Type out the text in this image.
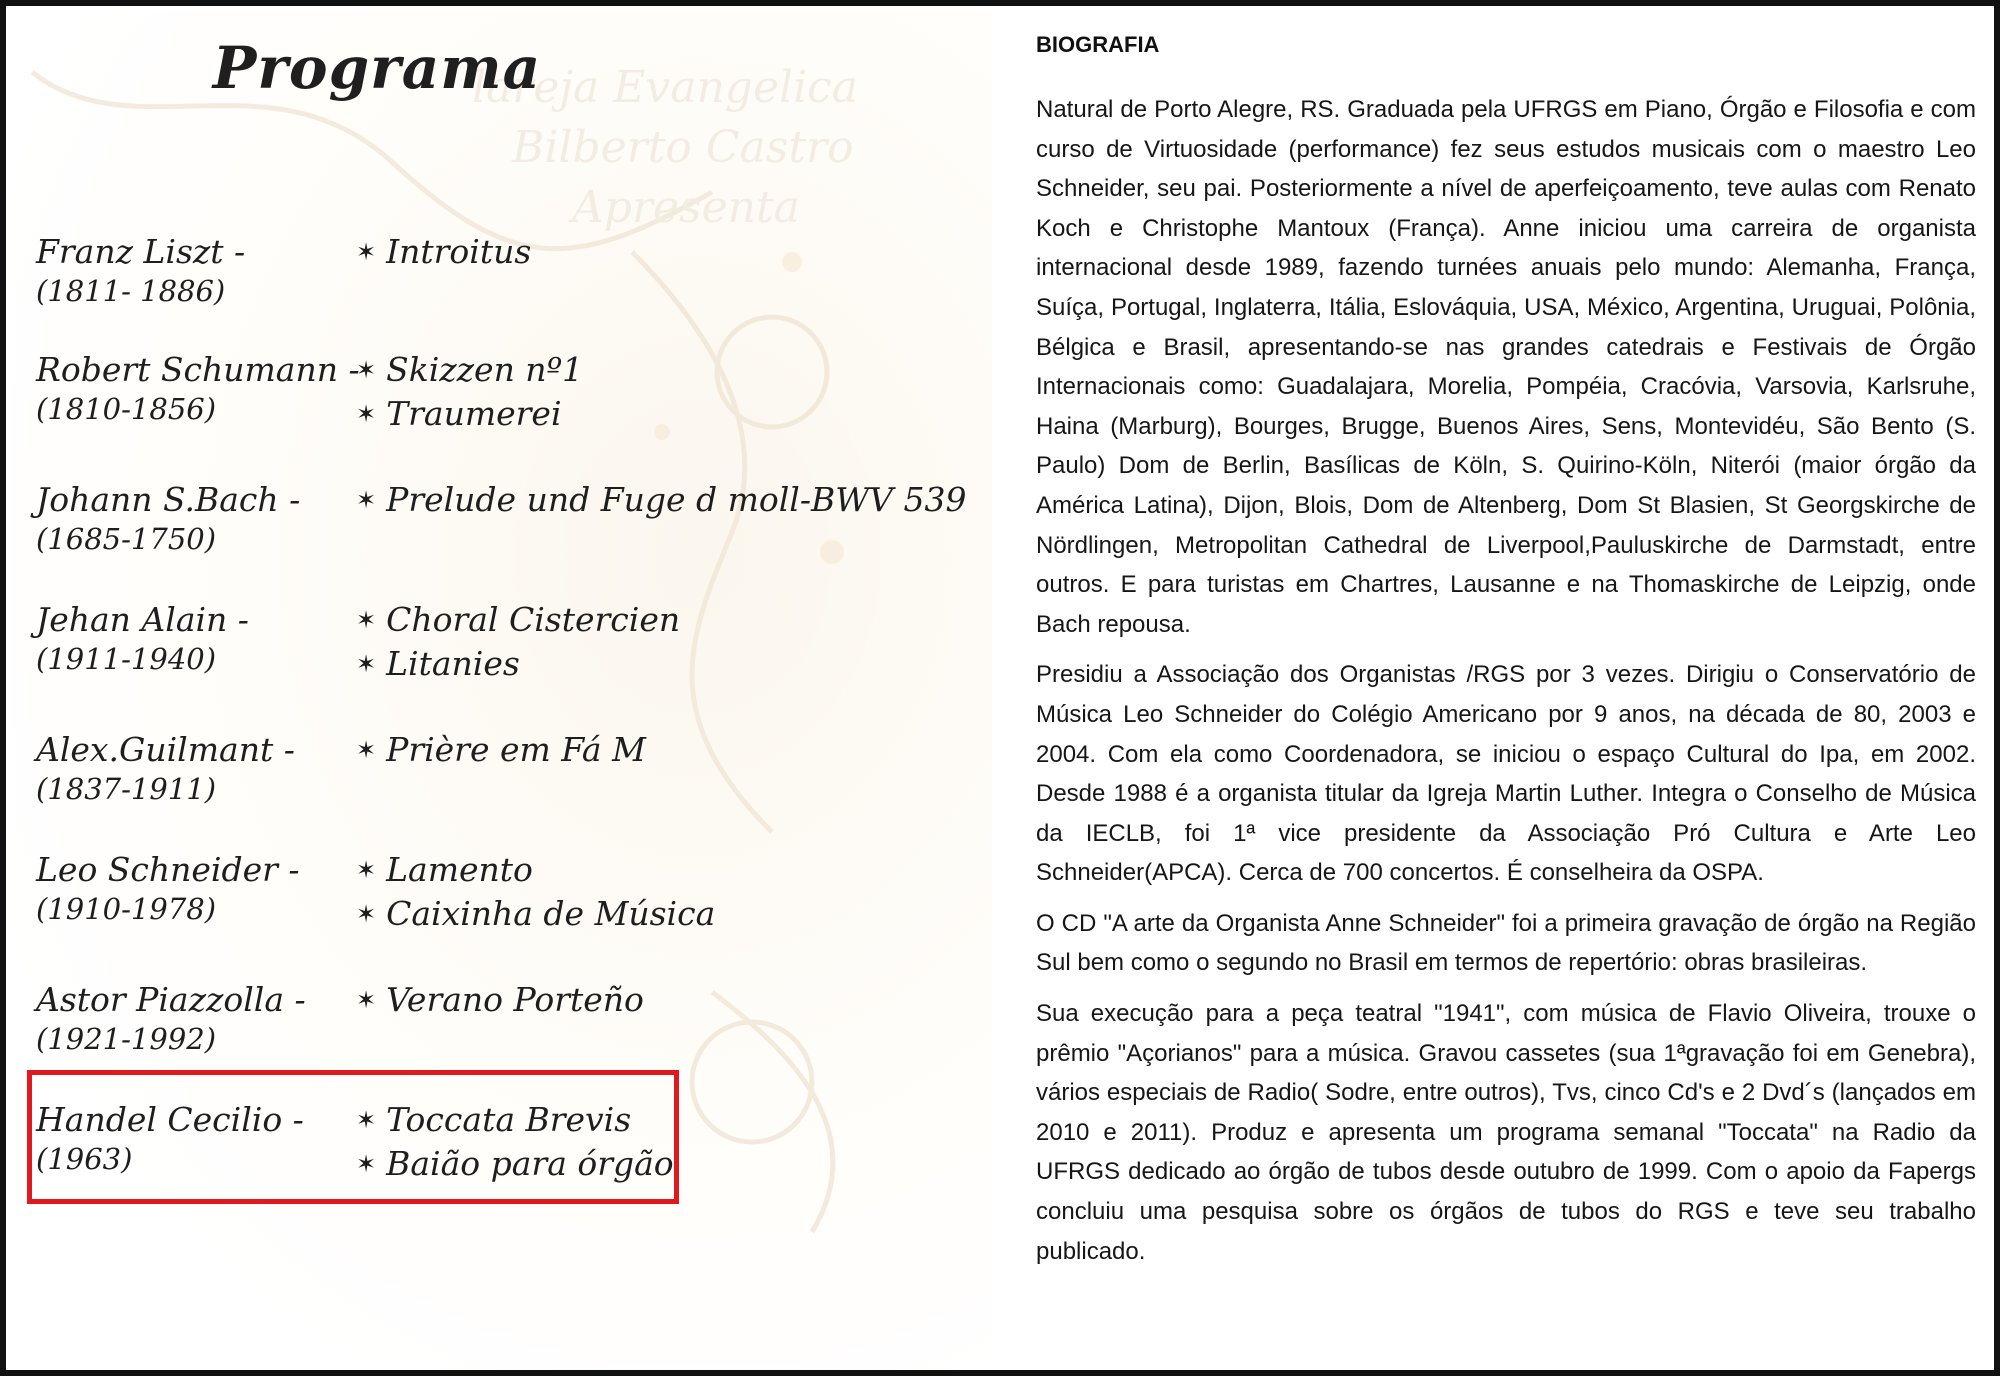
lareja Evangelica
Bilberto Castro
Apresenta
Programa
Franz Liszt -
(1811- 1886)
✶ Introitus
Robert Schumann -
(1810-1856)
✶ Skizzen nº1
✶ Traumerei
Johann S.Bach -
(1685-1750)
✶ Prelude und Fuge d moll-BWV 539
Jehan Alain -
(1911-1940)
✶ Choral Cistercien
✶ Litanies
Alex.Guilmant -
(1837-1911)
✶ Prière em Fá M
Leo Schneider -
(1910-1978)
✶ Lamento
✶ Caixinha de Música
Astor Piazzolla -
(1921-1992)
✶ Verano Porteño
Handel Cecilio -
(1963)
✶ Toccata Brevis
✶ Baião para órgão
BIOGRAFIA

Natural de Porto Alegre, RS. Graduada pela UFRGS em Piano, Órgão e Filosofia e com curso de Virtuosidade (performance) fez seus estudos musicais com o maestro Leo Schneider, seu pai. Posteriormente a nível de aperfeiçoamento, teve aulas com Renato Koch e Christophe Mantoux (França). Anne iniciou uma carreira de organista internacional desde 1989, fazendo turnées anuais pelo mundo: Alemanha, França, Suíça, Portugal, Inglaterra, Itália, Eslováquia, USA, México, Argentina, Uruguai, Polônia, Bélgica e Brasil, apresentando-se nas grandes catedrais e Festivais de Órgão Internacionais como: Guadalajara, Morelia, Pompéia, Cracóvia, Varsovia, Karlsruhe, Haina (Marburg), Bourges, Brugge, Buenos Aires, Sens, Montevidéu, São Bento (S. Paulo) Dom de Berlin, Basílicas de Köln, S. Quirino-Köln, Niterói (maior órgão da América Latina), Dijon, Blois, Dom de Altenberg, Dom St Blasien, St Georgskirche de Nördlingen, Metropolitan Cathedral de Liverpool,Pauluskirche de Darmstadt, entre outros. E para turistas em Chartres, Lausanne e na Thomaskirche de Leipzig, onde Bach repousa.

Presidiu a Associação dos Organistas /RGS por 3 vezes. Dirigiu o Conservatório de Música Leo Schneider do Colégio Americano por 9 anos, na década de 80, 2003 e 2004. Com ela como Coordenadora, se iniciou o espaço Cultural do Ipa, em 2002. Desde 1988 é a organista titular da Igreja Martin Luther. Integra o Conselho de Música da IECLB, foi 1ª vice presidente da Associação Pró Cultura e Arte Leo Schneider(APCA). Cerca de 700 concertos. É conselheira da OSPA.

O CD "A arte da Organista Anne Schneider" foi a primeira gravação de órgão na Região Sul bem como o segundo no Brasil em termos de repertório: obras brasileiras.

Sua execução para a peça teatral "1941", com música de Flavio Oliveira, trouxe o prêmio "Açorianos" para a música. Gravou cassetes (sua 1ªgravação foi em Genebra), vários especiais de Radio( Sodre, entre outros), Tvs, cinco Cd's e 2 Dvd´s (lançados em 2010 e 2011). Produz e apresenta um programa semanal "Toccata" na Radio da UFRGS dedicado ao órgão de tubos desde outubro de 1999. Com o apoio da Fapergs concluiu uma pesquisa sobre os órgãos de tubos do RGS e teve seu trabalho publicado.
